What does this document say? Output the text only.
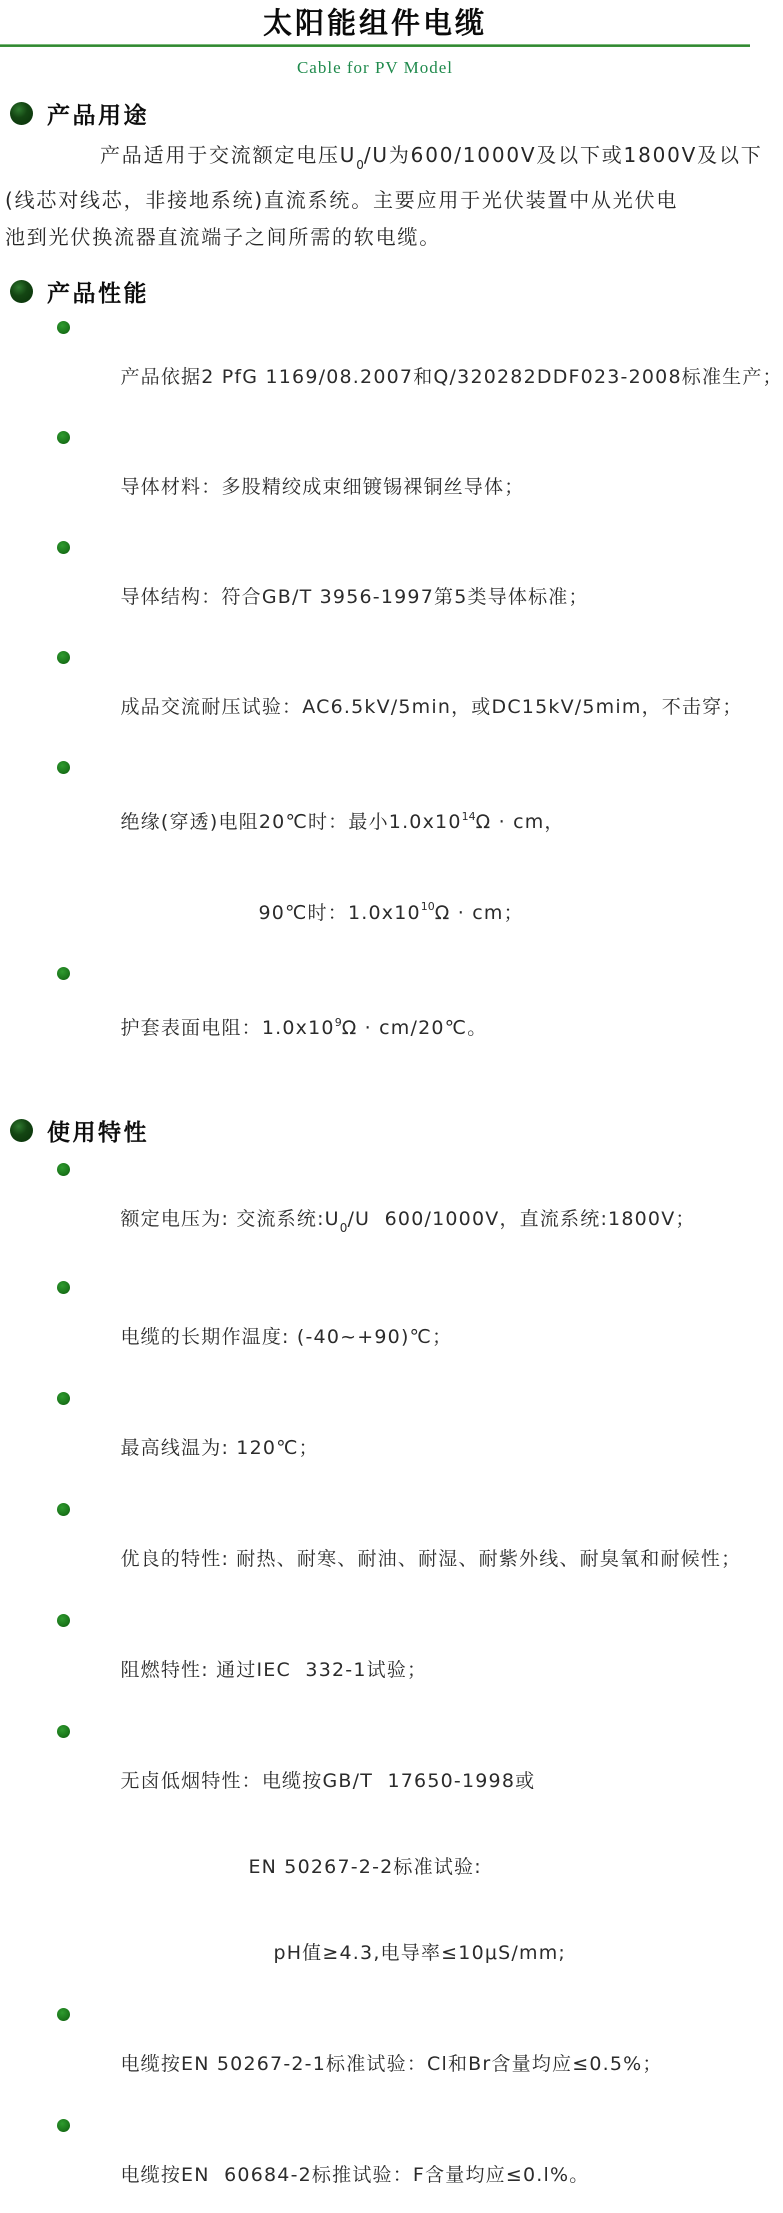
太阳能组件电缆
Cable for PV Model
产品用途
产品适用于交流额定电压$U_0/U$为600/1000V及以下或1800V及以下
(线芯对线芯，非接地系统)直流系统。主要应用于光伏装置中从光伏电
池到光伏换流器直流端子之间所需的软电缆。
产品性能

产品依据2 PfG 1169/08.2007和Q/320282DDF023-2008标准生产；

导体材料：多股精绞成束细镀锡裸铜丝导体；

导体结构：符合GB/T 3956-1997第5类导体标准；

成品交流耐压试验：AC6.5kV/5min，或DC15kV/5mim，不击穿；

绝缘(穿透)电阻20℃时：最小$1.0x10^{14}\Omega$ · cm，

90℃时：$1.0x10^{10}\Omega$ · cm；

护套表面电阻：$1.0x10^9\Omega$ · cm/20℃。

使用特性

额定电压为: 交流系统$:U_0/U$  600/1000V，直流系统:1800V；

电缆的长期作温度: (-40~+90)℃；

最高线温为: 120℃；

优良的特性: 耐热、耐寒、耐油、耐湿、耐紫外线、耐臭氧和耐候性；

阻燃特性: 通过IEC  332-1试验；

无卤低烟特性：电缆按GB/T  17650-1998或

EN 50267-2-2标准试验:

pH值≥4.3,电导率≤10μS/mm;

电缆按EN 50267-2-1标准试验：Cl和Br含量均应≤0.5%；

电缆按EN  60684-2标推试验：F含量均应≤0.l%。
